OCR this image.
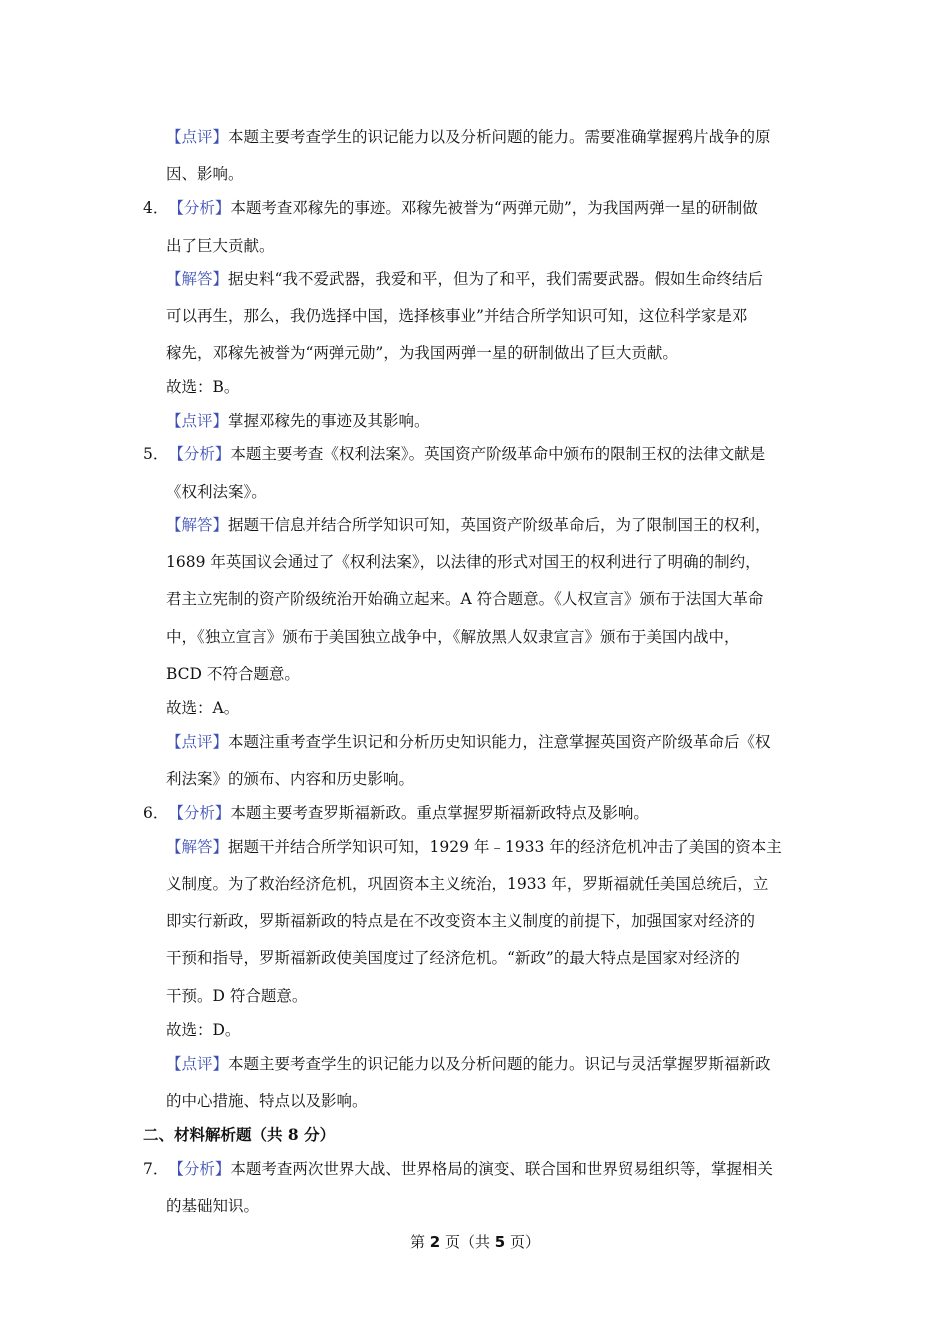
【点评】本题主要考查学生的识记能力以及分析问题的能力。需要准确掌握鸦片战争的原
因、影响。
4．【分析】本题考查邓稼先的事迹。邓稼先被誉为“两弹元勋”，为我国两弹一星的研制做
出了巨大贡献。
【解答】据史料“我不爱武器，我爱和平，但为了和平，我们需要武器。假如生命终结后
可以再生，那么，我仍选择中国，选择核事业”并结合所学知识可知，这位科学家是邓
稼先，邓稼先被誉为“两弹元勋”，为我国两弹一星的研制做出了巨大贡献。
故选：B。
【点评】掌握邓稼先的事迹及其影响。
5．【分析】本题主要考查《权利法案》。英国资产阶级革命中颁布的限制王权的法律文献是
《权利法案》。
【解答】据题干信息并结合所学知识可知，英国资产阶级革命后，为了限制国王的权利，
1689 年英国议会通过了《权利法案》，以法律的形式对国王的权利进行了明确的制约，
君主立宪制的资产阶级统治开始确立起来。A 符合题意。《人权宣言》颁布于法国大革命
中，《独立宣言》颁布于美国独立战争中，《解放黑人奴隶宣言》颁布于美国内战中，
BCD 不符合题意。
故选：A。
【点评】本题注重考查学生识记和分析历史知识能力，注意掌握英国资产阶级革命后《权
利法案》的颁布、内容和历史影响。
6．【分析】本题主要考查罗斯福新政。重点掌握罗斯福新政特点及影响。
【解答】据题干并结合所学知识可知，1929 年﹣1933 年的经济危机冲击了美国的资本主
义制度。为了救治经济危机，巩固资本主义统治，1933 年，罗斯福就任美国总统后，立
即实行新政，罗斯福新政的特点是在不改变资本主义制度的前提下，加强国家对经济的
干预和指导，罗斯福新政使美国度过了经济危机。“新政”的最大特点是国家对经济的
干预。D 符合题意。
故选：D。
【点评】本题主要考查学生的识记能力以及分析问题的能力。识记与灵活掌握罗斯福新政
的中心措施、特点以及影响。
二、材料解析题（共 8 分）
7．【分析】本题考查两次世界大战、世界格局的演变、联合国和世界贸易组织等，掌握相关
的基础知识。
第 2 页（共 5 页）
